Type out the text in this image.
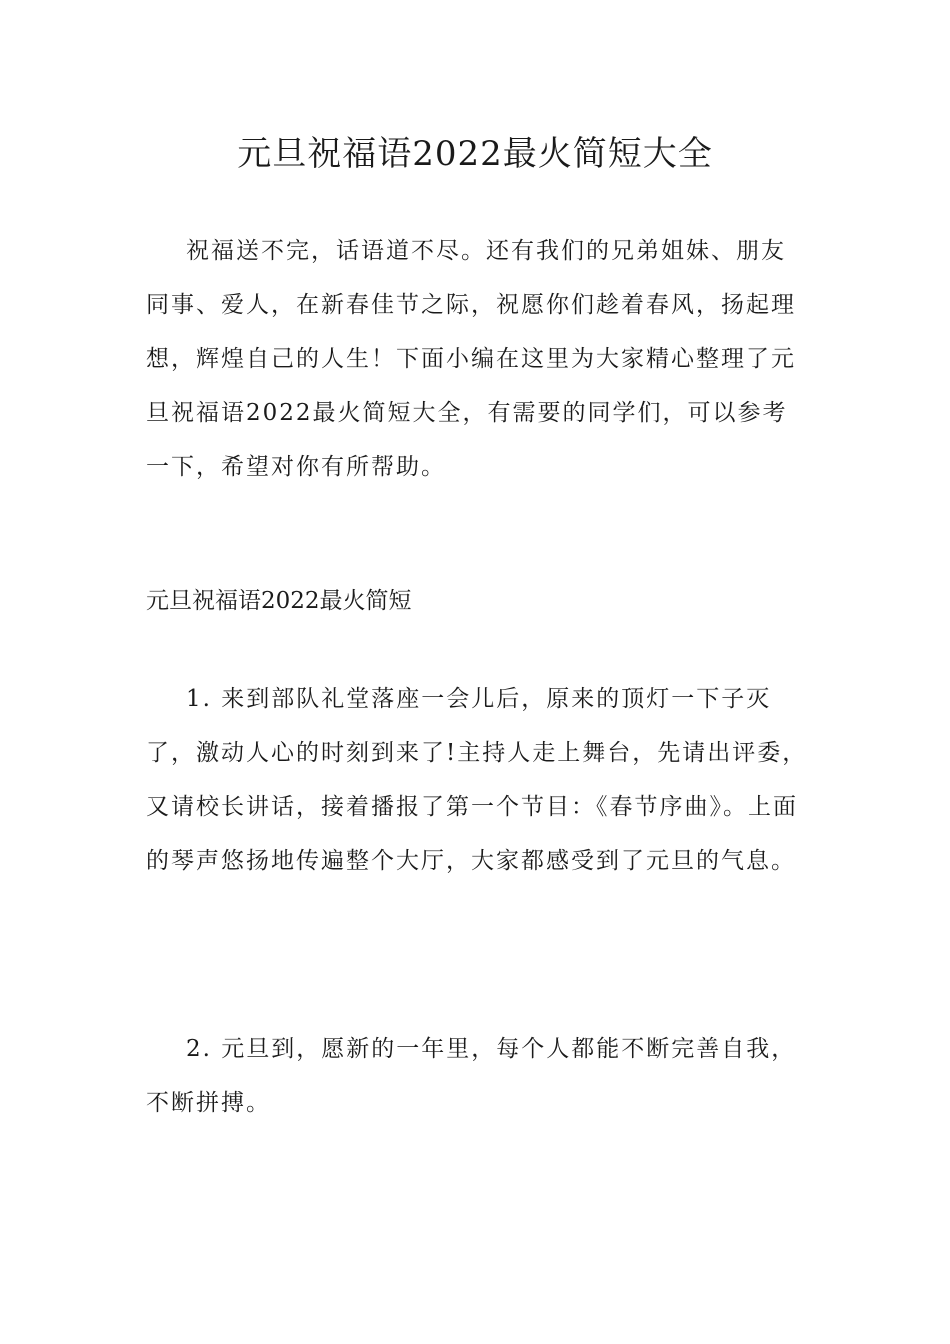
元旦祝福语2022最火简短大全

祝福送不完，话语道不尽。还有我们的兄弟姐妹、朋友同事、爱人，在新春佳节之际，祝愿你们趁着春风，扬起理想，辉煌自己的人生！下面小编在这里为大家精心整理了元旦祝福语2022最火简短大全，有需要的同学们，可以参考一下，希望对你有所帮助。

元旦祝福语2022最火简短

1. 来到部队礼堂落座一会儿后，原来的顶灯一下子灭了，激动人心的时刻到来了!主持人走上舞台，先请出评委，又请校长讲话，接着播报了第一个节目：《春节序曲》。上面的琴声悠扬地传遍整个大厅，大家都感受到了元旦的气息。

2. 元旦到，愿新的一年里，每个人都能不断完善自我，不断拼搏。
